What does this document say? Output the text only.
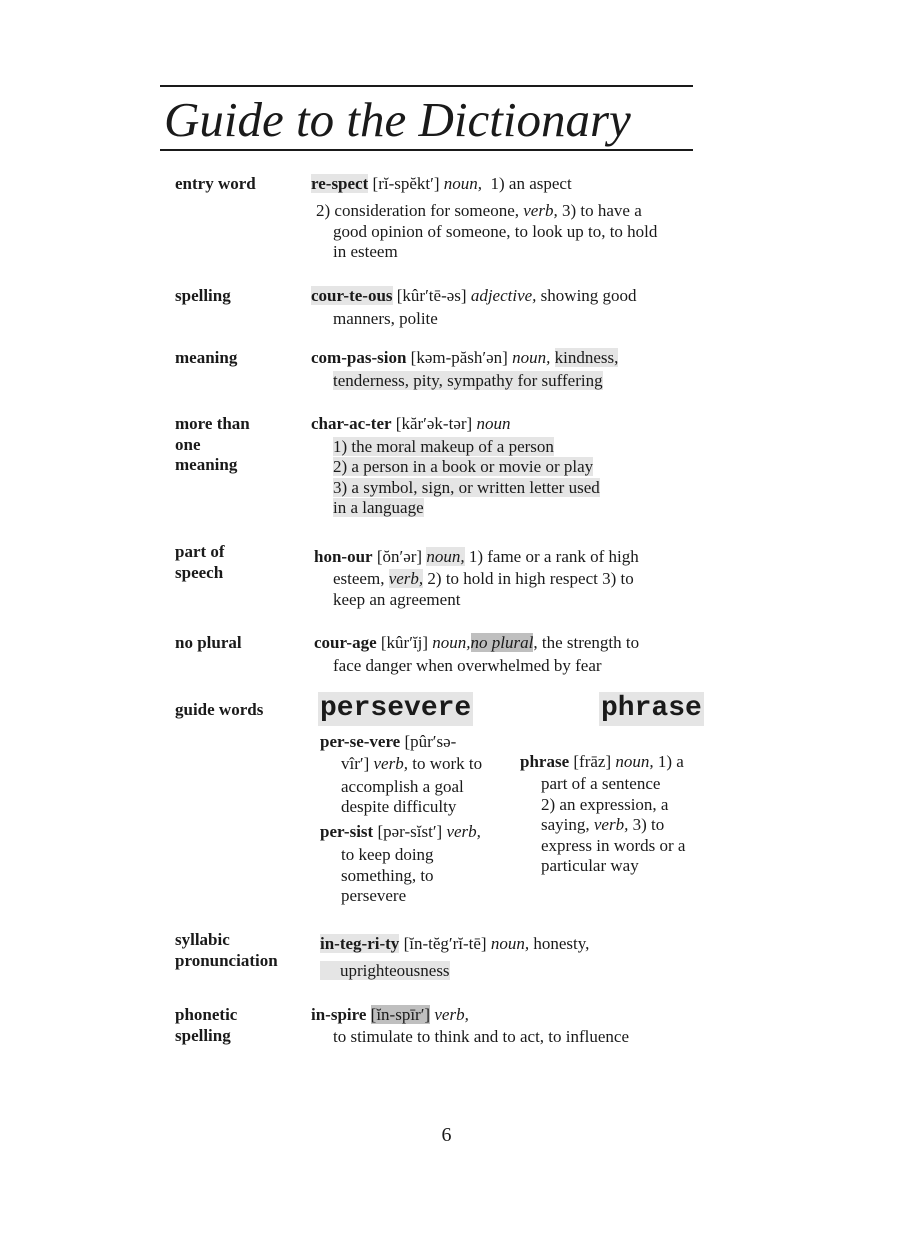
Guide to the Dictionary
entry word
spelling
meaning
more than
one
meaning
part of
speech
no plural
guide words
syllabic
pronunciation
phonetic
spelling
re-spect [rĭ-spĕkt′] noun, 1) an aspect
2) consideration for someone, verb, 3) to have a
good opinion of someone, to look up to, to hold
in esteem
cour-te-ous [kûr′tē-əs] adjective, showing good
manners, polite
com-pas-sion [kəm-păsh′ən] noun, kindness,
tenderness, pity, sympathy for suffering
char-ac-ter [kăr′ək-tər] noun
1) the moral makeup of a person
2) a person in a book or movie or play
3) a symbol, sign, or written letter used
in a language
hon-our [ŏn′ər] noun, 1) fame or a rank of high
esteem, verb, 2) to hold in high respect 3) to
keep an agreement
cour-age [kûr′ĭj] noun,no plural, the strength to
face danger when overwhelmed by fear
persevere	phrase
per-se-vere [pûr′sə-
vîr′] verb, to work to
accomplish a goal
despite difficulty
per-sist [pər-sĭst′] verb,
to keep doing
something, to
persevere
phrase [frāz] noun, 1) a
part of a sentence
2) an expression, a
saying, verb, 3) to
express in words or a
particular way
in-teg-ri-ty [ĭn-tĕg′rĭ-tē] noun, honesty,
uprighteousness
in-spire [ĭn-spīr′] verb,
to stimulate to think and to act, to influence
6
